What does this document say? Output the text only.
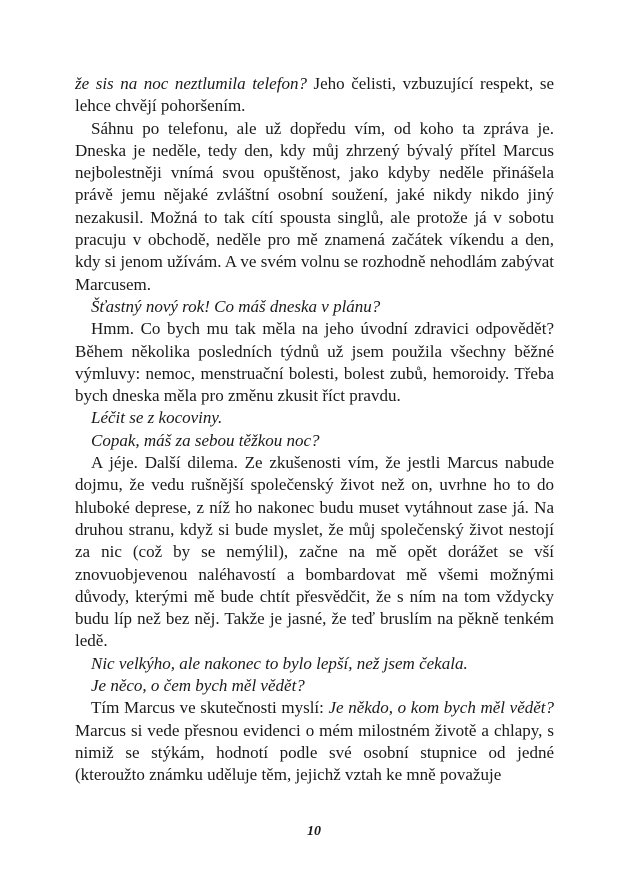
že sis na noc neztlumila telefon? Jeho čelisti, vzbuzující respekt, se lehce chvějí pohoršením.

Sáhnu po telefonu, ale už dopředu vím, od koho ta zpráva je. Dneska je neděle, tedy den, kdy můj zhrzený bývalý přítel Marcus nejbolestněji vnímá svou opuštěnost, jako kdyby neděle přinášela právě jemu nějaké zvláštní osobní soužení, jaké nikdy nikdo jiný nezakusil. Možná to tak cítí spousta singlů, ale protože já v sobotu pracuju v obchodě, neděle pro mě znamená začátek víkendu a den, kdy si jenom užívám. A ve svém volnu se rozhodně nehodlám zabývat Marcusem.

Šťastný nový rok! Co máš dneska v plánu?

Hmm. Co bych mu tak měla na jeho úvodní zdravici odpovědět? Během několika posledních týdnů už jsem použila všechny běžné výmluvy: nemoc, menstruační bolesti, bolest zubů, hemoroidy. Třeba bych dneska měla pro změnu zkusit říct pravdu.

Léčit se z kocoviny.

Copak, máš za sebou těžkou noc?

A jéje. Další dilema. Ze zkušenosti vím, že jestli Marcus nabude dojmu, že vedu rušnější společenský život než on, uvrhne ho to do hluboké deprese, z níž ho nakonec budu muset vytáhnout zase já. Na druhou stranu, když si bude myslet, že můj společenský život nestojí za nic (což by se nemýlil), začne na mě opět dorážet se vší znovuobjevenou naléhavostí a bombardovat mě všemi možnými důvody, kterými mě bude chtít přesvědčit, že s ním na tom vždycky budu líp než bez něj. Takže je jasné, že teď bruslím na pěkně tenkém ledě.

Nic velkýho, ale nakonec to bylo lepší, než jsem čekala.

Je něco, o čem bych měl vědět?

Tím Marcus ve skutečnosti myslí: Je někdo, o kom bych měl vědět? Marcus si vede přesnou evidenci o mém milostném životě a chlapy, s nimiž se stýkám, hodnotí podle své osobní stupnice od jedné (kteroužto známku uděluje těm, jejichž vztah ke mně považuje

10
